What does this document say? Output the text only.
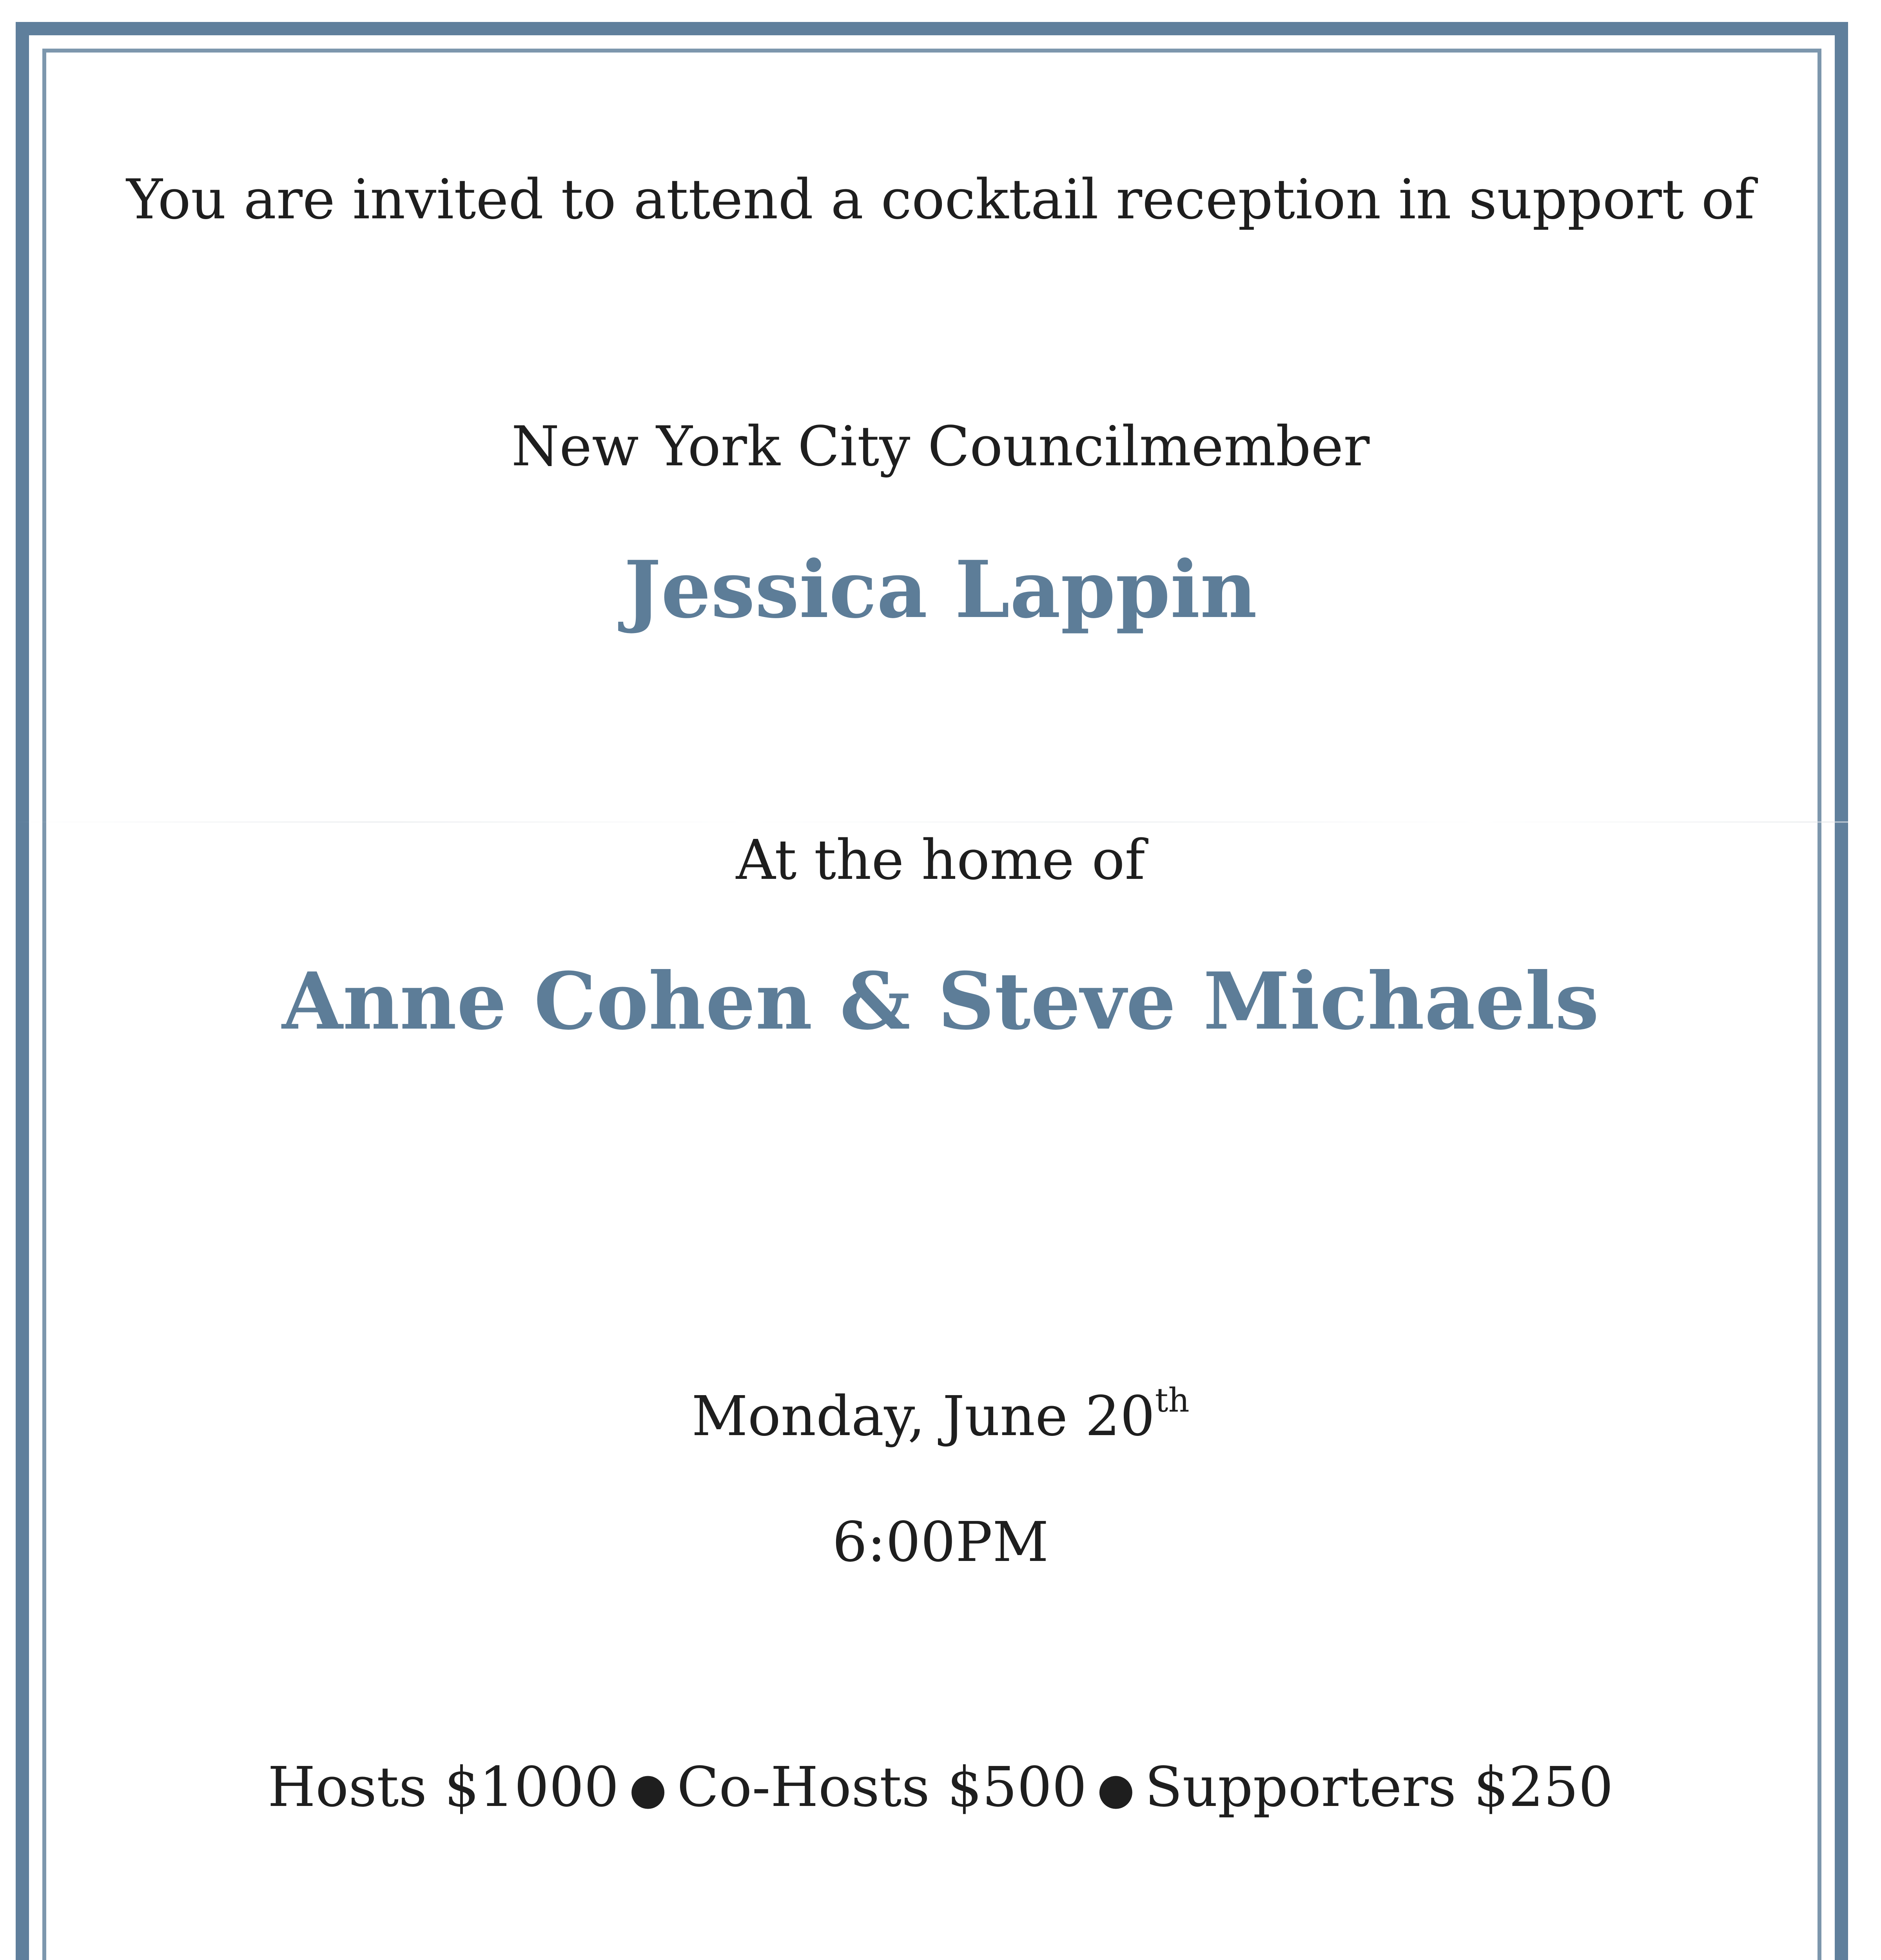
You are invited to attend a cocktail reception in support of
New York City Councilmember
Jessica Lappin
At the home of
Anne Cohen & Steve Michaels
Monday, June 20th
6:00PM
Hosts $1000 ● Co-Hosts $500 ● Supporters $250
